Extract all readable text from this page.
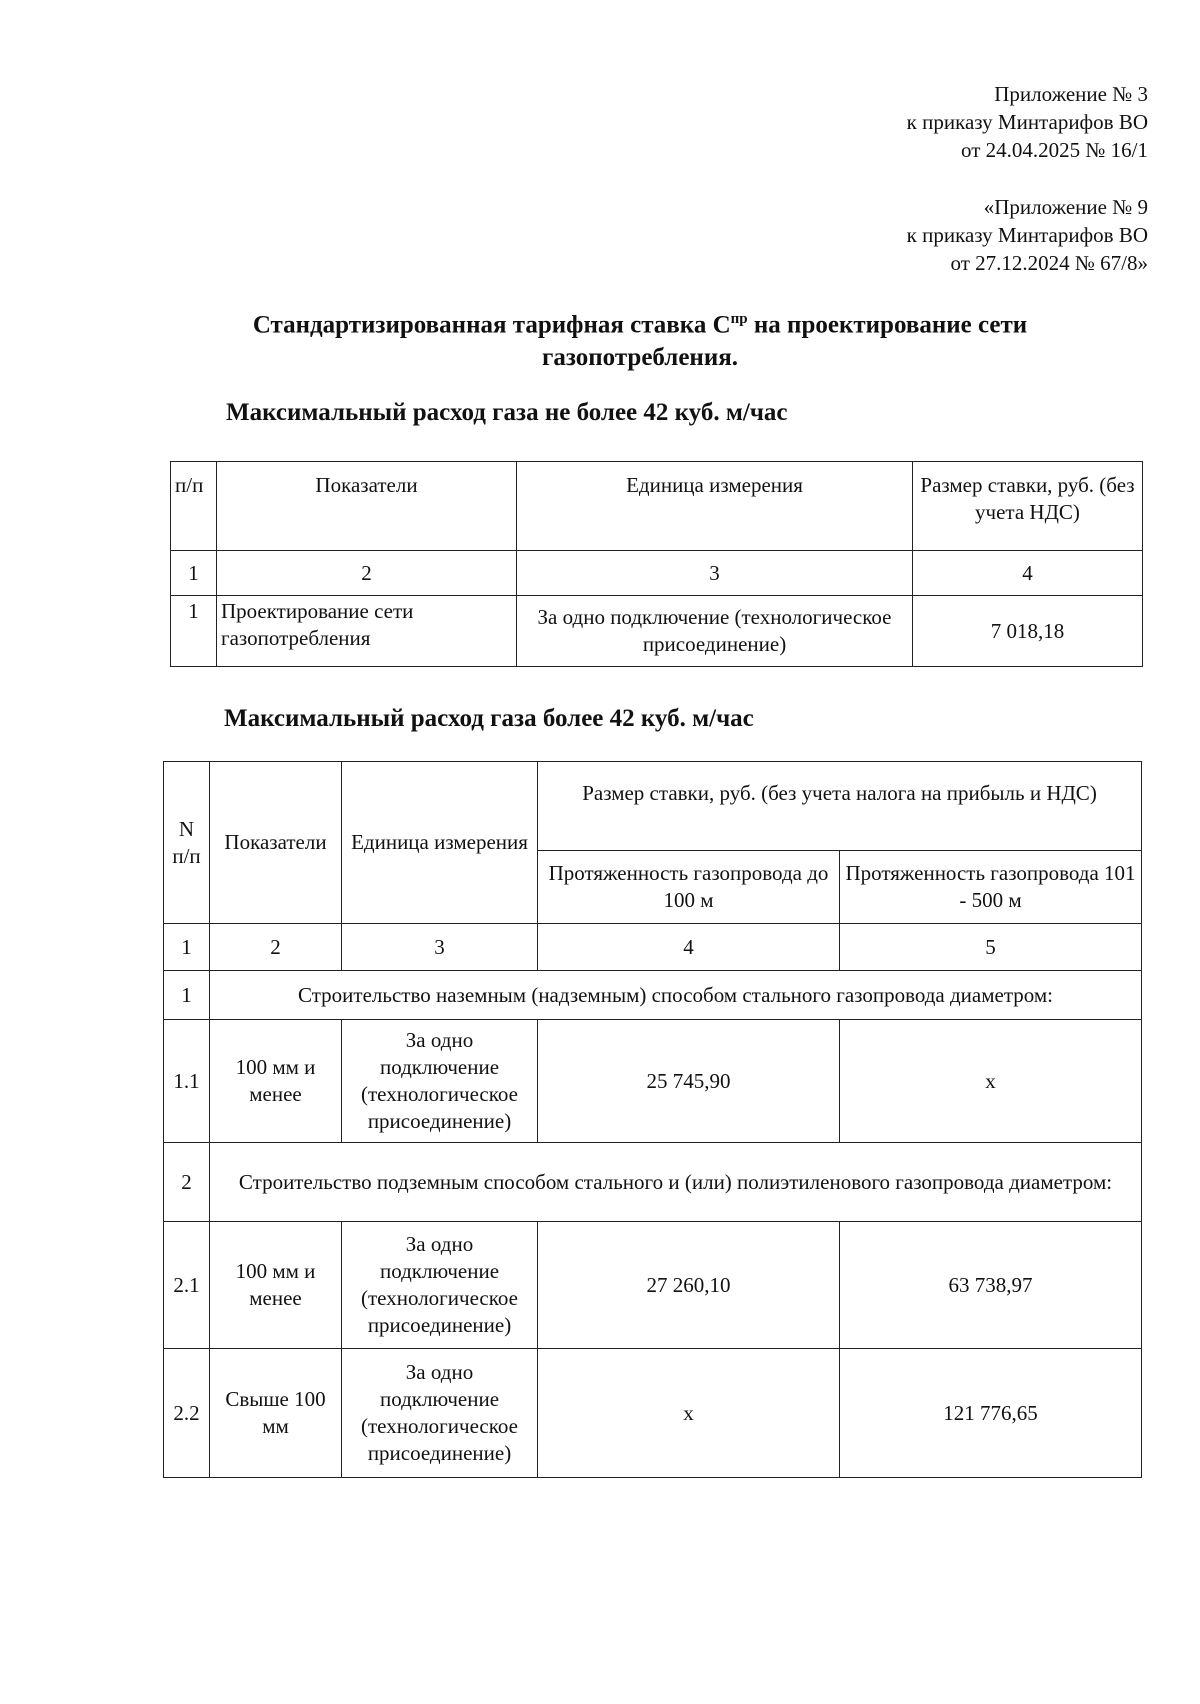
Приложение № 3
к приказу Минтарифов ВО
от 24.04.2025 № 16/1
«Приложение № 9
к приказу Минтарифов ВО
от 27.12.2024 № 67/8»
Стандартизированная тарифная ставка $С^{пр}$ на проектирование сети газопотребления.
Максимальный расход газа не более 42 куб. м/час
п/п	Показатели	Единица измерения	Размер ставки, руб. (без учета НДС)
1	2	3	4
1	Проектирование сети газопотребления	За одно подключение (технологическое присоединение)	7 018,18
Максимальный расход газа более 42 куб. м/час
N п/п	Показатели	Единица измерения	Размер ставки, руб. (без учета налога на прибыль и НДС)	
			Протяженность газопровода до 100 м	Протяженность газопровода 101 - 500 м
1	2	3	4	5
1	Строительство наземным (надземным) способом стального газопровода диаметром:			
1.1	100 мм и менее	За одно подключение (технологическое присоединение)	25 745,90	х
2	Строительство подземным способом стального и (или) полиэтиленового газопровода диаметром:			
2.1	100 мм и менее	За одно подключение (технологическое присоединение)	27 260,10	63 738,97
2.2	Свыше 100 мм	За одно подключение (технологическое присоединение)	х	121 776,65
